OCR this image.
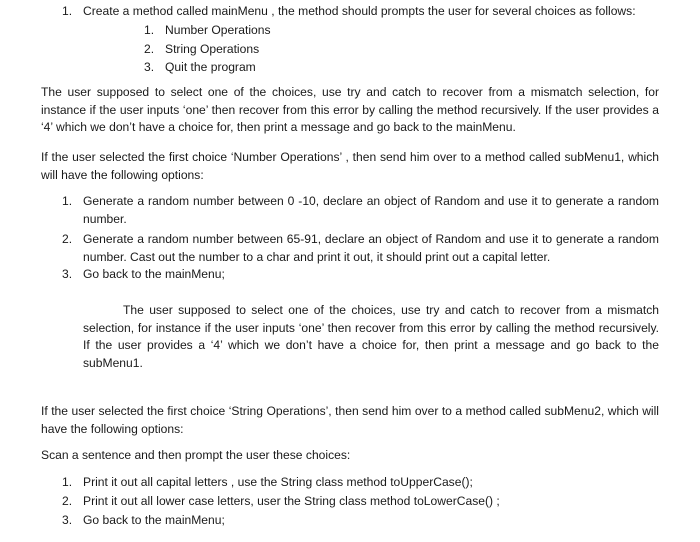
1. Create a method called mainMenu , the method should prompts the user for several choices as follows:
1. Number Operations
2. String Operations
3. Quit the program
The user supposed to select one of the choices, use try and catch to recover from a mismatch selection, for instance if the user inputs ‘one’ then recover from this error by calling the method recursively. If the user provides a ‘4’ which we don’t have a choice for, then print a message and go back to the mainMenu.
If the user selected the first choice ‘Number Operations’ , then send him over to a method called subMenu1, which will have the following options:
1. Generate a random number between 0 -10, declare an object of Random and use it to generate a random number.
2. Generate a random number between 65-91, declare an object of Random and use it to generate a random number. Cast out the number to a char and print it out, it should print out a capital letter.
3. Go back to the mainMenu;
The user supposed to select one of the choices, use try and catch to recover from a mismatch selection, for instance if the user inputs ‘one’ then recover from this error by calling the method recursively. If the user provides a ‘4’ which we don’t have a choice for, then print a message and go back to the subMenu1.
If the user selected the first choice ‘String Operations’, then send him over to a method called subMenu2, which will have the following options:
Scan a sentence and then prompt the user these choices:
1. Print it out all capital letters , use the String class method toUpperCase();
2. Print it out all lower case letters, user the String class method toLowerCase() ;
3. Go back to the mainMenu;
